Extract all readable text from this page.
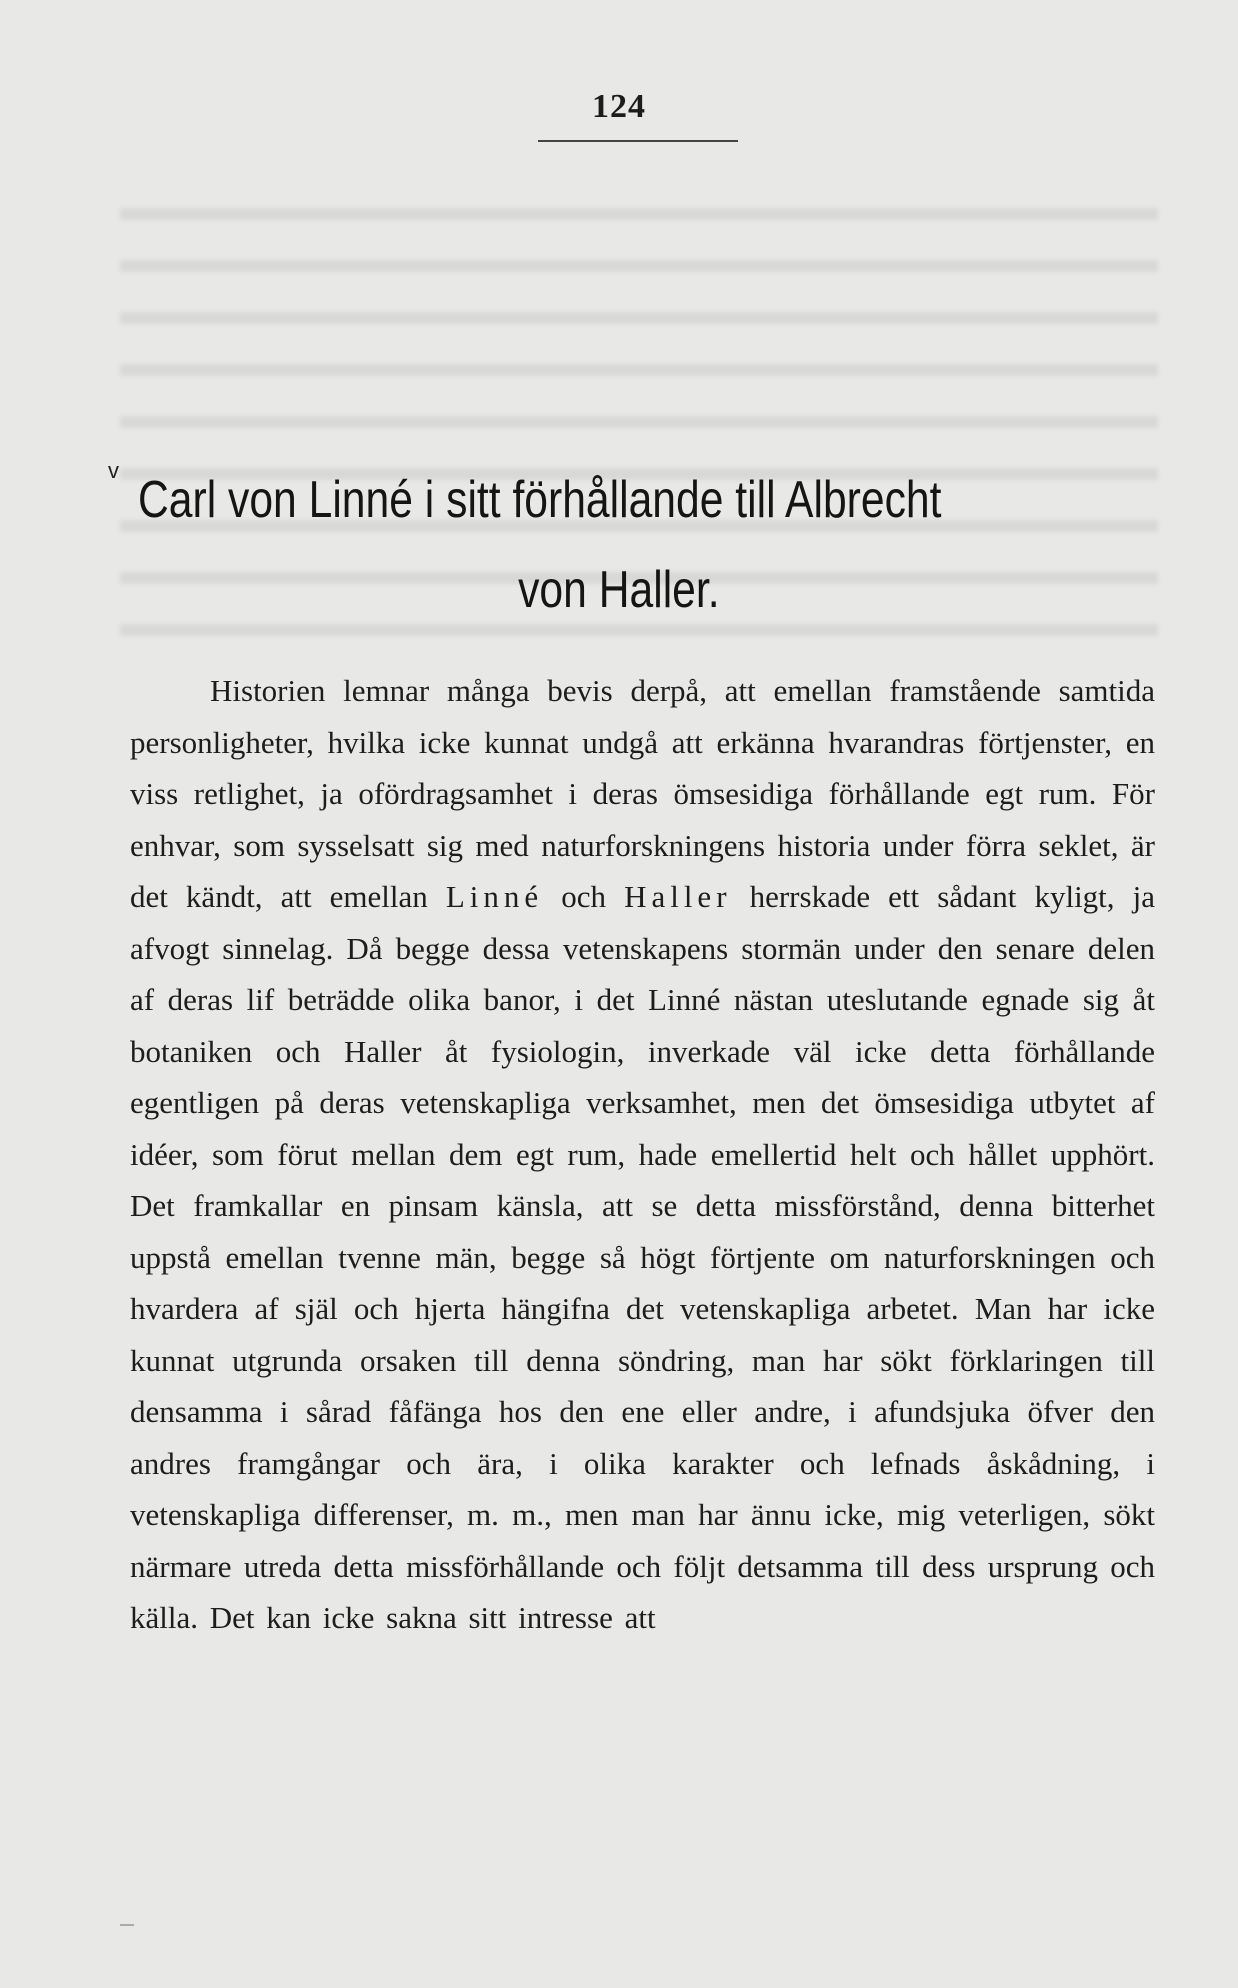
124
v
Carl von Linné i sitt förhållande till Albrecht
von Haller.

Historien lemnar många bevis derpå, att emellan framstående samtida personligheter, hvilka icke kunnat undgå att erkänna hvarandras förtjenster, en viss retlighet, ja ofördragsamhet i deras ömsesidiga förhållande egt rum. För enhvar, som sysselsatt sig med naturforskningens historia under förra seklet, är det kändt, att emellan Linné och Haller herrskade ett sådant kyligt, ja afvogt sinnelag. Då begge dessa vetenskapens stormän under den senare delen af deras lif beträdde olika banor, i det Linné nästan uteslutande egnade sig åt botaniken och Haller åt fysiologin, inverkade väl icke detta förhållande egentligen på deras vetenskapliga verksamhet, men det ömsesidiga utbytet af idéer, som förut mellan dem egt rum, hade emellertid helt och hållet upphört. Det framkallar en pinsam känsla, att se detta missförstånd, denna bitterhet uppstå emellan tvenne män, begge så högt förtjente om naturforskningen och hvardera af själ och hjerta hängifna det vetenskapliga arbetet. Man har icke kunnat utgrunda orsaken till denna söndring, man har sökt förklaringen till densamma i sårad fåfänga hos den ene eller andre, i afundsjuka öfver den andres framgångar och ära, i olika karakter och lefnads åskådning, i vetenskapliga differenser, m. m., men man har ännu icke, mig veterligen, sökt närmare utreda detta missförhållande och följt detsamma till dess ursprung och källa. Det kan icke sakna sitt intresse att
